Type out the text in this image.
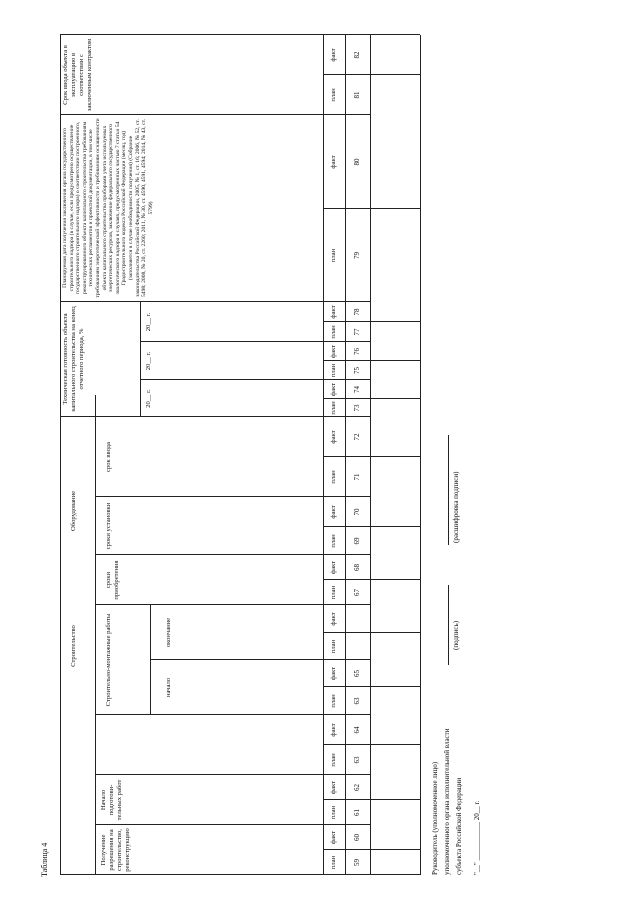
Таблица 4
Строительство
Оборудование
Техническая готовность объекта капитального строительства на конец отчетного периода, %
Планируемая дата получения заключения органа государственного строительного надзора (в случае, если предусмотрено осуществление государственного строительного надзора) о соответствии построенного, реконструированного объекта капитального строительства требованиям технических регламентов и проектной документации, в том числе требованиям энергетической эффективности и требованиям оснащенности объекта капитального строительства приборами учета используемых энергетических ресурсов, заключение федерального государственного экологического надзора в случаях, предусмотренных частью 7 статьи 54 Градостроительного кодекса Российской Федерации (месяц, год) (заполняется в случае необходимости получения) (Собрание законодательства Российской Федерации, 2005, № 1, ст. 16; 2006, № 52, ст. 5498; 2008, № 20, ст. 2260; 2011, № 30, ст. 4590, 4591, 4594; 2014, № 43, ст. 5799)
Срок ввода объекта в эксплуатацию в соответствии с заключенным контрактом
Получение разрешения на строительство, реконструкцию
Начало подготови-тельных работ
Строительно-монтажные работы	начало
окончание
сроки приобретения
сроки установки
срок ввода
20__ г.
20__ г.
20__ г.
план
факт
план
факт
план
факт
план
факт
план
факт
план
факт
план
факт
план
факт
план
факт
план
факт
план
факт
план
факт
план
факт
59
60
61
62
63
64
63
65
67
68
69
70
71
72
73
74
75
76
77
78
79
80
81
82
Руководитель (уполномоченное лицо) уполномоченного органа исполнительной власти субъекта Российской Федерации
(подпись)
(расшифровка подписи)
"__" ___________ 20__ г.
